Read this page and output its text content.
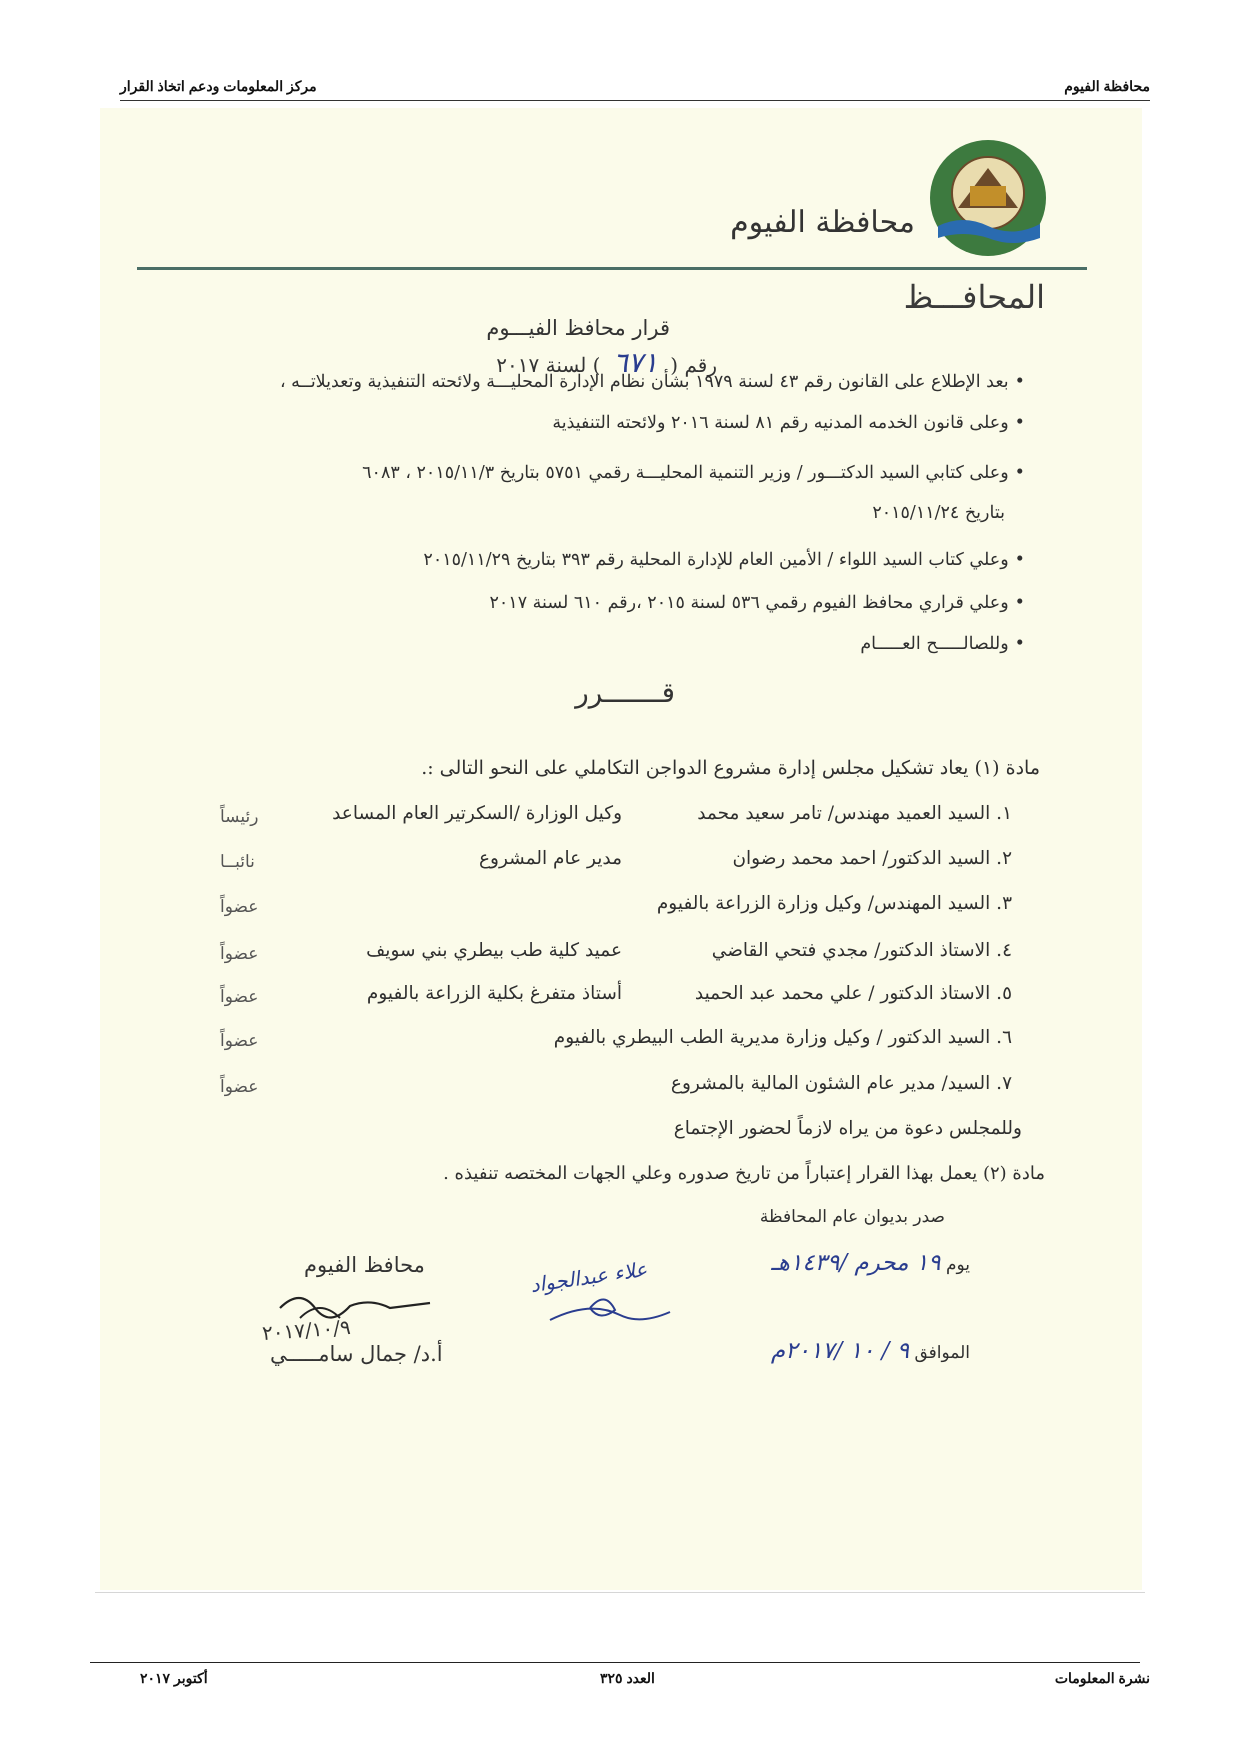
محافظة الفيوم
مركز المعلومات ودعم اتخاذ القرار
محافظة الفيوم
المحافـــظ
قرار محافظ الفيـــوم
رقم ( ٦٧١ ) لسنة ٢٠١٧
•بعد الإطلاع على القانون رقم ٤٣ لسنة ١٩٧٩ بشأن نظام الإدارة المحليـــة ولائحته التنفيذية وتعديلاتــه ،
•وعلى قانون الخدمه المدنيه رقم ٨١ لسنة ٢٠١٦ ولائحته التنفيذية
•وعلى كتابي السيد الدكتـــور / وزير التنمية المحليـــة رقمي ٥٧٥١ بتاريخ ٢٠١٥/١١/٣ ، ٦٠٨٣
بتاريخ ٢٠١٥/١١/٢٤
•وعلي كتاب السيد اللواء / الأمين العام للإدارة المحلية رقم ٣٩٣ بتاريخ ٢٠١٥/١١/٢٩
•وعلي قراري محافظ الفيوم رقمي ٥٣٦ لسنة ٢٠١٥ ،رقم ٦١٠ لسنة ٢٠١٧
•وللصالـــــح العـــــام
قـــــــرر
مادة (١) يعاد تشكيل مجلس إدارة مشروع الدواجن التكاملي على النحو التالى :.
١. السيد العميد مهندس/ تامر سعيد محمد
وكيل الوزارة /السكرتير العام المساعد
رئيساً
٢. السيد الدكتور/ احمد محمد رضوان
مدير عام المشروع
نائبــا
٣. السيد المهندس/ وكيل وزارة الزراعة بالفيوم
عضواً
٤. الاستاذ الدكتور/ مجدي فتحي القاضي
عميد كلية طب بيطري بني سويف
عضواً
٥. الاستاذ الدكتور / علي محمد عبد الحميد
أستاذ متفرغ بكلية الزراعة بالفيوم
عضواً
٦. السيد الدكتور / وكيل وزارة مديرية الطب البيطري بالفيوم
عضواً
٧. السيد/ مدير عام الشئون المالية بالمشروع
عضواً
وللمجلس دعوة من يراه لازماً لحضور الإجتماع
مادة (٢) يعمل بهذا القرار إعتباراً من تاريخ صدوره وعلي الجهات المختصه تنفيذه .
صدر بديوان عام المحافظة
يوم ١٩ محرم /١٤٣٩هـ
الموافق ٩ / ١٠ /٢٠١٧م
علاء عبدالجواد
محافظ الفيوم
٢٠١٧/١٠/٩
أ.د/ جمال سامـــــي
نشرة المعلومات
العدد ٣٢٥
أكتوبر ٢٠١٧
